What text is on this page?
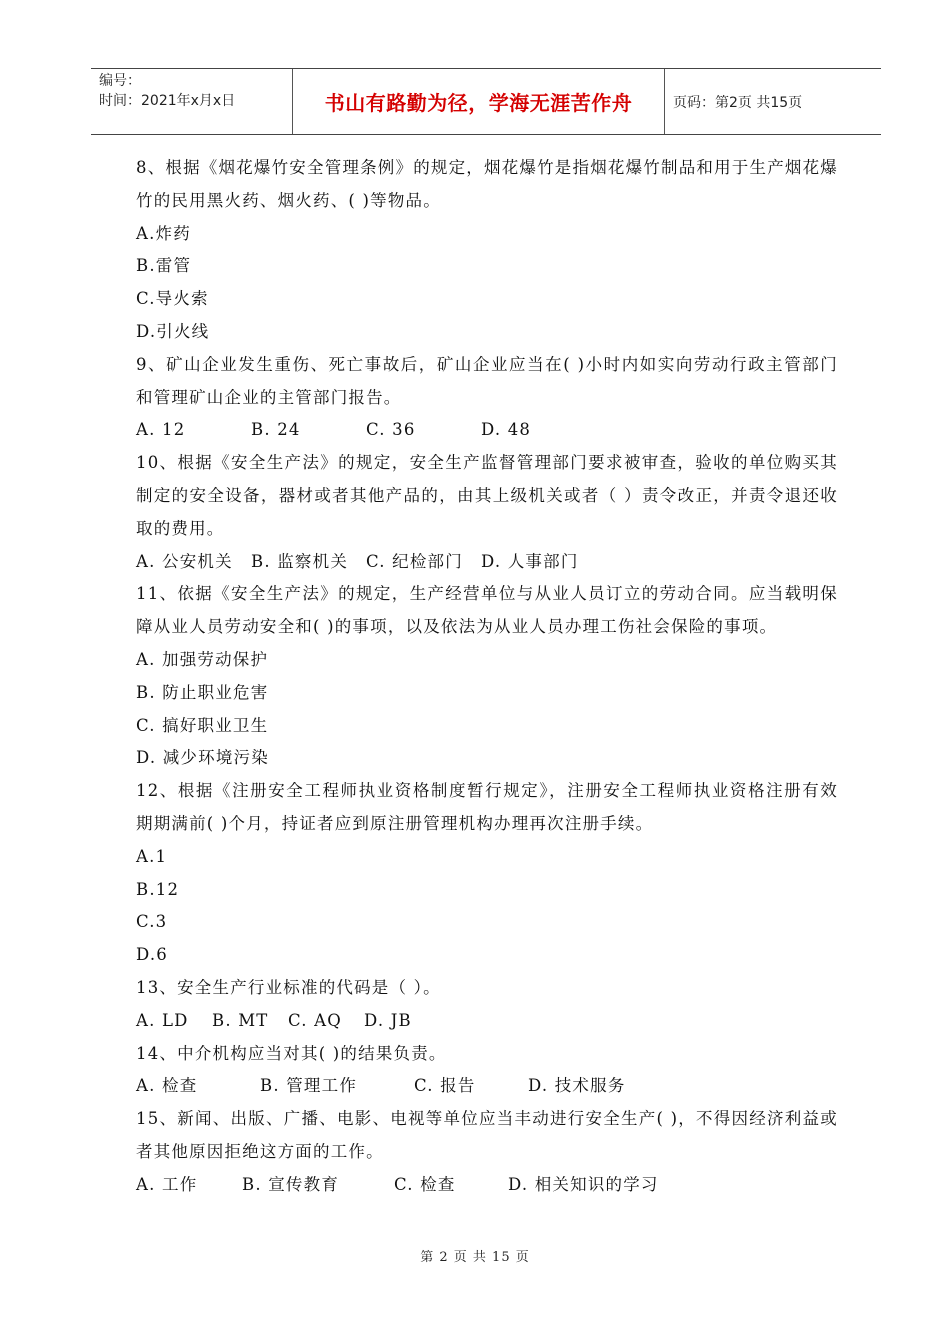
编号：
时间：2021年x月x日	书山有路勤为径，学海无涯苦作舟	页码：第2页 共15页

8、根据《烟花爆竹安全管理条例》的规定，烟花爆竹是指烟花爆竹制品和用于生产烟花爆竹的民用黑火药、烟火药、( )等物品。

A.炸药

B.雷管

C.导火索

D.引火线

9、矿山企业发生重伤、死亡事故后，矿山企业应当在( )小时内如实向劳动行政主管部门和管理矿山企业的主管部门报告。

A. 12	B. 24	C. 36	D. 48

10、根据《安全生产法》的规定，安全生产监督管理部门要求被审查，验收的单位购买其制定的安全设备，器材或者其他产品的，由其上级机关或者（ ）责令改正，并责令退还收取的费用。

A. 公安机关 B. 监察机关 C. 纪检部门 D. 人事部门

11、依据《安全生产法》的规定，生产经营单位与从业人员订立的劳动合同。应当载明保障从业人员劳动安全和( )的事项，以及依法为从业人员办理工伤社会保险的事项。

A. 加强劳动保护

B. 防止职业危害

C. 搞好职业卫生

D. 减少环境污染

12、根据《注册安全工程师执业资格制度暂行规定》，注册安全工程师执业资格注册有效期期满前( )个月，持证者应到原注册管理机构办理再次注册手续。

A.1

B.12

C.3

D.6

13、安全生产行业标准的代码是（ ）。

A. LD B. MT C. AQ D. JB

14、中介机构应当对其( )的结果负责。

A. 检查	B. 管理工作	C. 报告	D. 技术服务

15、新闻、出版、广播、电影、电视等单位应当丰动进行安全生产( )，不得因经济利益或者其他原因拒绝这方面的工作。

A. 工作	B. 宣传教育	C. 检查	D. 相关知识的学习

第 2 页 共 15 页
